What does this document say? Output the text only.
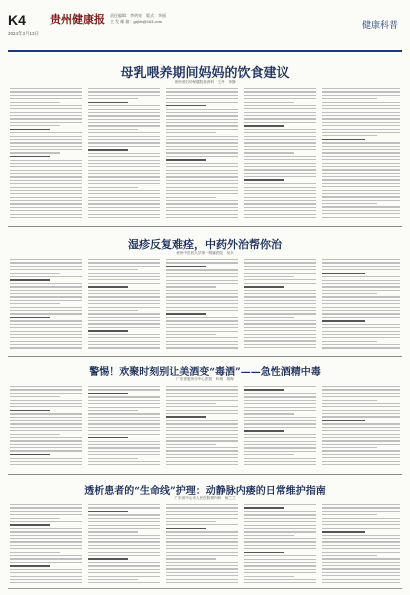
K4
2024年3月13日
贵州健康报 责任编辑：李明亮　版式：李丽
主 发 邮 箱：gzjkb@163.com	健康科普
母乳喂养期间妈妈的饮食建议
贵州省妇幼保健院营养科　王丹　李静
湿疹反复难痊，中药外治帮你治
贵州中医药大学第一附属医院　吴永
警惕！欢聚时刻别让美酒变“毒酒”——急性酒精中毒
广东省惠州市中心医院　叶城　胡海
透析患者的“生命线”护理：动静脉内瘘的日常维护指南
广东省中山市人民医院肾内科　杨兰兰
